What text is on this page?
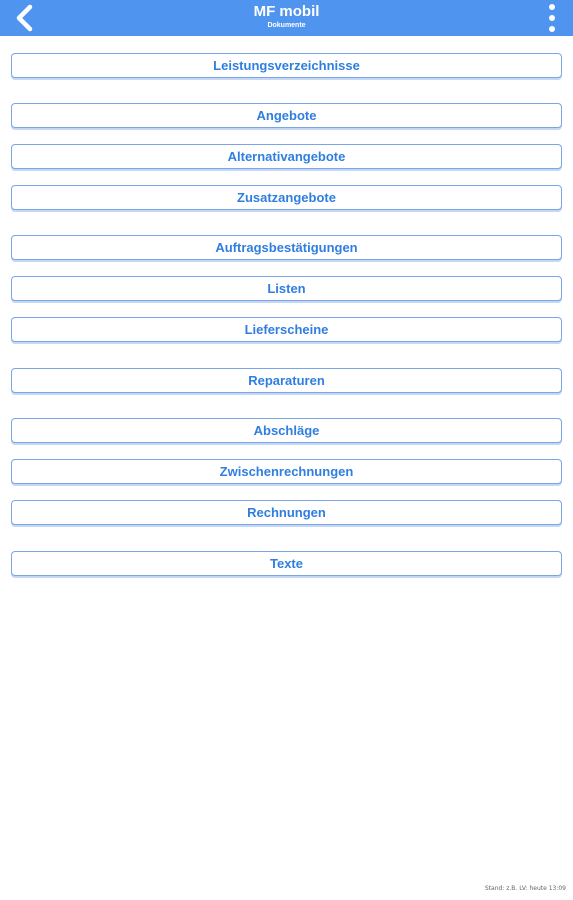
MF mobil
Dokumente
Leistungsverzeichnisse
Angebote
Alternativangebote
Zusatzangebote
Auftragsbestätigungen
Listen
Lieferscheine
Reparaturen
Abschläge
Zwischenrechnungen
Rechnungen
Texte
Stand: z.B. LV: heute 13:09
